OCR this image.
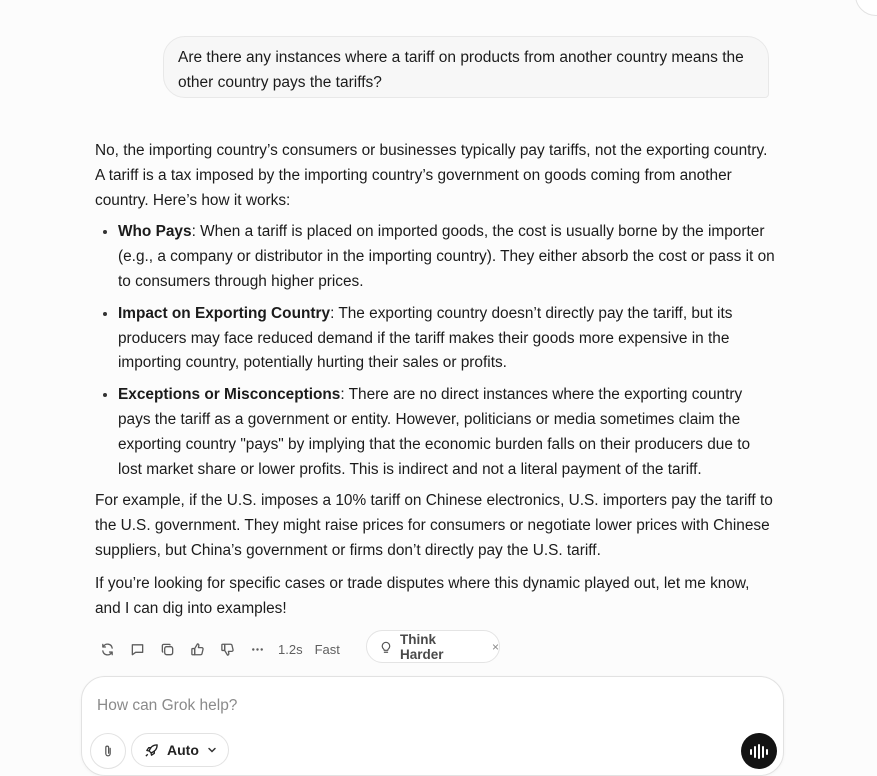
Are there any instances where a tariff on products from another country means the other country pays the tariffs?

No, the importing country’s consumers or businesses typically pay tariffs, not the exporting country. A tariff is a tax imposed by the importing country’s government on goods coming from another country. Here’s how it works:

• Who Pays: When a tariff is placed on imported goods, the cost is usually borne by the importer (e.g., a company or distributor in the importing country). They either absorb the cost or pass it on to consumers through higher prices.
• Impact on Exporting Country: The exporting country doesn’t directly pay the tariff, but its producers may face reduced demand if the tariff makes their goods more expensive in the importing country, potentially hurting their sales or profits.
• Exceptions or Misconceptions: There are no direct instances where the exporting country pays the tariff as a government or entity. However, politicians or media sometimes claim the exporting country "pays" by implying that the economic burden falls on their producers due to lost market share or lower profits. This is indirect and not a literal payment of the tariff.

For example, if the U.S. imposes a 10% tariff on Chinese electronics, U.S. importers pay the tariff to the U.S. government. They might raise prices for consumers or negotiate lower prices with Chinese suppliers, but China’s government or firms don’t directly pay the U.S. tariff.

If you’re looking for specific cases or trade disputes where this dynamic played out, let me know, and I can dig into examples!

1.2s Fast
Think Harder	×
How can Grok help?
Auto
